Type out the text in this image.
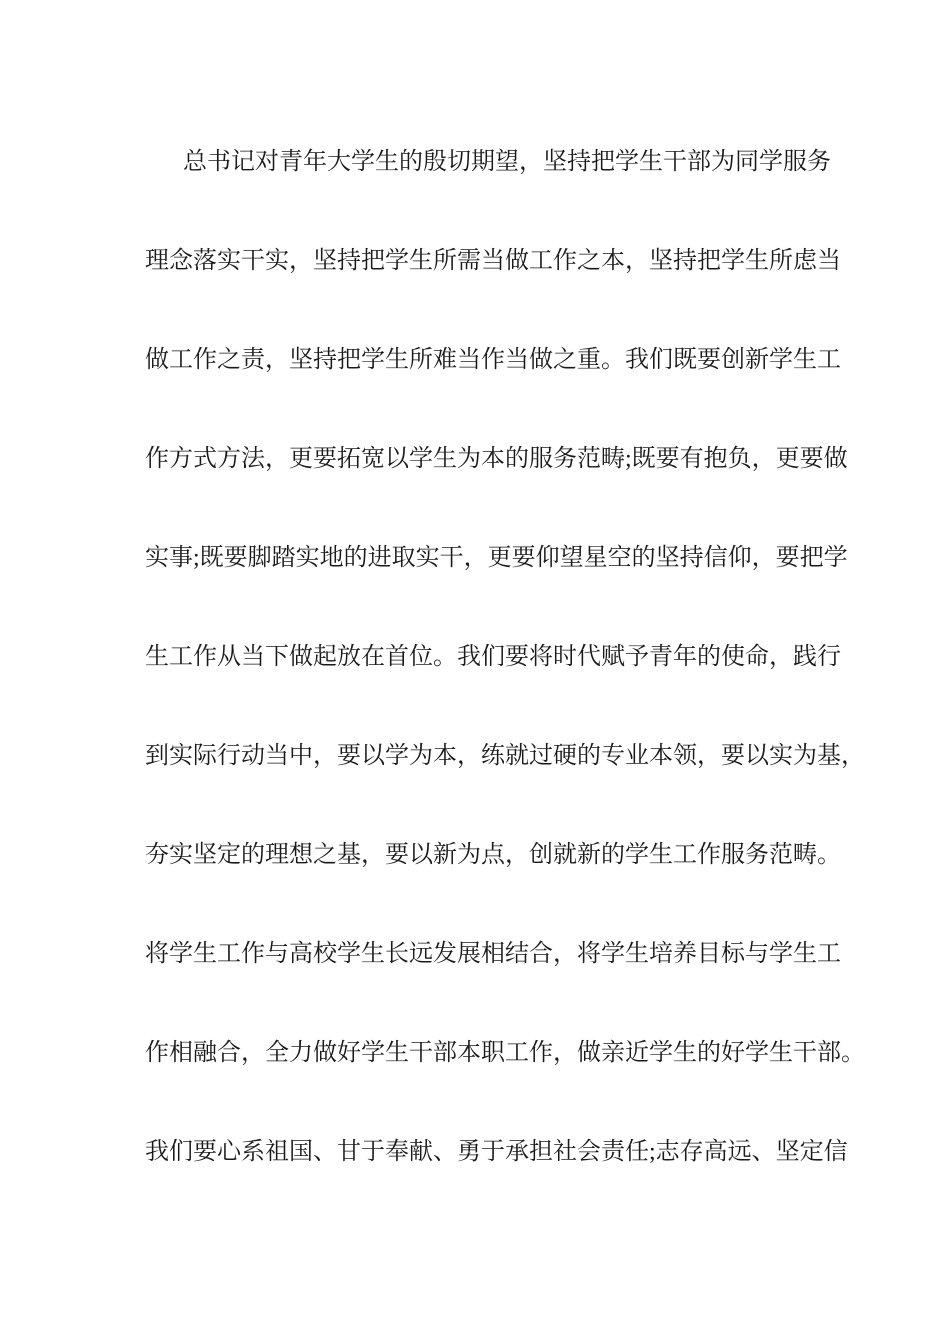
总书记对青年大学生的殷切期望，坚持把学生干部为同学服务
理念落实干实，坚持把学生所需当做工作之本，坚持把学生所虑当
做工作之责，坚持把学生所难当作当做之重。我们既要创新学生工
作方式方法，更要拓宽以学生为本的服务范畴;既要有抱负，更要做
实事;既要脚踏实地的进取实干，更要仰望星空的坚持信仰，要把学
生工作从当下做起放在首位。我们要将时代赋予青年的使命，践行
到实际行动当中，要以学为本，练就过硬的专业本领，要以实为基，
夯实坚定的理想之基，要以新为点，创就新的学生工作服务范畴。
将学生工作与高校学生长远发展相结合，将学生培养目标与学生工
作相融合，全力做好学生干部本职工作，做亲近学生的好学生干部。
我们要心系祖国、甘于奉献、勇于承担社会责任;志存高远、坚定信
